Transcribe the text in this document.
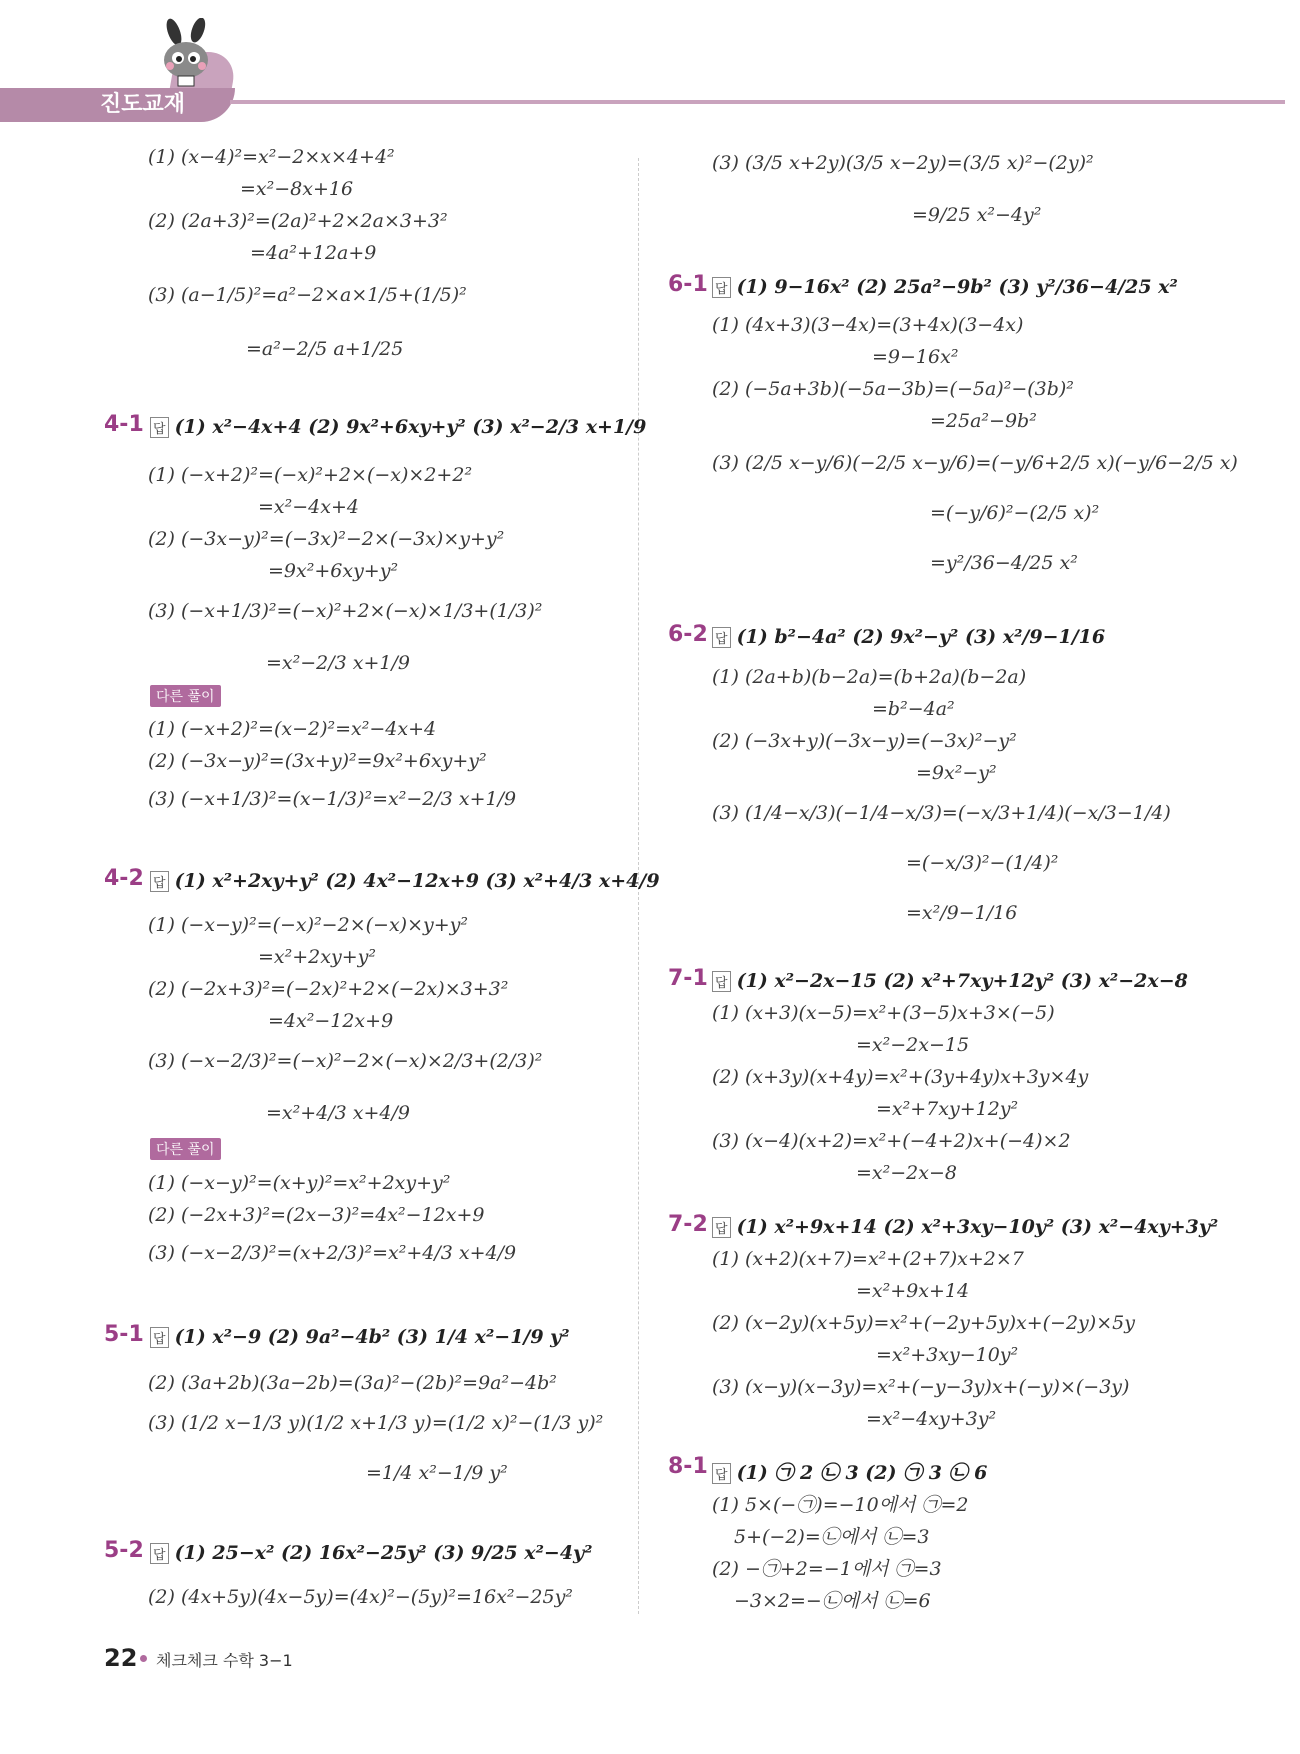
진도교재
(1) (x−4)²=x²−2×x×4+4²
=x²−8x+16
(2) (2a+3)²=(2a)²+2×2a×3+3²
=4a²+12a+9
(3) (a−1/5)²=a²−2×a×1/5+(1/5)²
=a²−2/5 a+1/25
4-1 답 (1) x²−4x+4 (2) 9x²+6xy+y² (3) x²−2/3 x+1/9
(1) (−x+2)²=(−x)²+2×(−x)×2+2²
=x²−4x+4
(2) (−3x−y)²=(−3x)²−2×(−3x)×y+y²
=9x²+6xy+y²
(3) (−x+1/3)²=(−x)²+2×(−x)×1/3+(1/3)²
=x²−2/3 x+1/9
다른 풀이
(1) (−x+2)²=(x−2)²=x²−4x+4
(2) (−3x−y)²=(3x+y)²=9x²+6xy+y²
(3) (−x+1/3)²=(x−1/3)²=x²−2/3 x+1/9
4-2 답 (1) x²+2xy+y² (2) 4x²−12x+9 (3) x²+4/3 x+4/9
(1) (−x−y)²=(−x)²−2×(−x)×y+y²
=x²+2xy+y²
(2) (−2x+3)²=(−2x)²+2×(−2x)×3+3²
=4x²−12x+9
(3) (−x−2/3)²=(−x)²−2×(−x)×2/3+(2/3)²
=x²+4/3 x+4/9
다른 풀이
(1) (−x−y)²=(x+y)²=x²+2xy+y²
(2) (−2x+3)²=(2x−3)²=4x²−12x+9
(3) (−x−2/3)²=(x+2/3)²=x²+4/3 x+4/9
5-1 답 (1) x²−9 (2) 9a²−4b² (3) 1/4 x²−1/9 y²
(2) (3a+2b)(3a−2b)=(3a)²−(2b)²=9a²−4b²
(3) (1/2 x−1/3 y)(1/2 x+1/3 y)=(1/2 x)²−(1/3 y)²
=1/4 x²−1/9 y²
5-2 답 (1) 25−x² (2) 16x²−25y² (3) 9/25 x²−4y²
(2) (4x+5y)(4x−5y)=(4x)²−(5y)²=16x²−25y²
(3) (3/5 x+2y)(3/5 x−2y)=(3/5 x)²−(2y)²
=9/25 x²−4y²
6-1 답 (1) 9−16x² (2) 25a²−9b² (3) y²/36−4/25 x²
(1) (4x+3)(3−4x)=(3+4x)(3−4x)
=9−16x²
(2) (−5a+3b)(−5a−3b)=(−5a)²−(3b)²
=25a²−9b²
(3) (2/5 x−y/6)(−2/5 x−y/6)=(−y/6+2/5 x)(−y/6−2/5 x)
=(−y/6)²−(2/5 x)²
=y²/36−4/25 x²
6-2 답 (1) b²−4a² (2) 9x²−y² (3) x²/9−1/16
(1) (2a+b)(b−2a)=(b+2a)(b−2a)
=b²−4a²
(2) (−3x+y)(−3x−y)=(−3x)²−y²
=9x²−y²
(3) (1/4−x/3)(−1/4−x/3)=(−x/3+1/4)(−x/3−1/4)
=(−x/3)²−(1/4)²
=x²/9−1/16
7-1 답 (1) x²−2x−15 (2) x²+7xy+12y² (3) x²−2x−8
(1) (x+3)(x−5)=x²+(3−5)x+3×(−5)
=x²−2x−15
(2) (x+3y)(x+4y)=x²+(3y+4y)x+3y×4y
=x²+7xy+12y²
(3) (x−4)(x+2)=x²+(−4+2)x+(−4)×2
=x²−2x−8
7-2 답 (1) x²+9x+14 (2) x²+3xy−10y² (3) x²−4xy+3y²
(1) (x+2)(x+7)=x²+(2+7)x+2×7
=x²+9x+14
(2) (x−2y)(x+5y)=x²+(−2y+5y)x+(−2y)×5y
=x²+3xy−10y²
(3) (x−y)(x−3y)=x²+(−y−3y)x+(−y)×(−3y)
=x²−4xy+3y²
8-1 답 (1) ㉠ 2 ㉡ 3 (2) ㉠ 3 ㉡ 6
(1) 5×(−㉠)=−10에서 ㉠=2
5+(−2)=㉡에서 ㉡=3
(2) −㉠+2=−1에서 ㉠=3
−3×2=−㉡에서 ㉡=6
22 체크체크 수학 3−1
